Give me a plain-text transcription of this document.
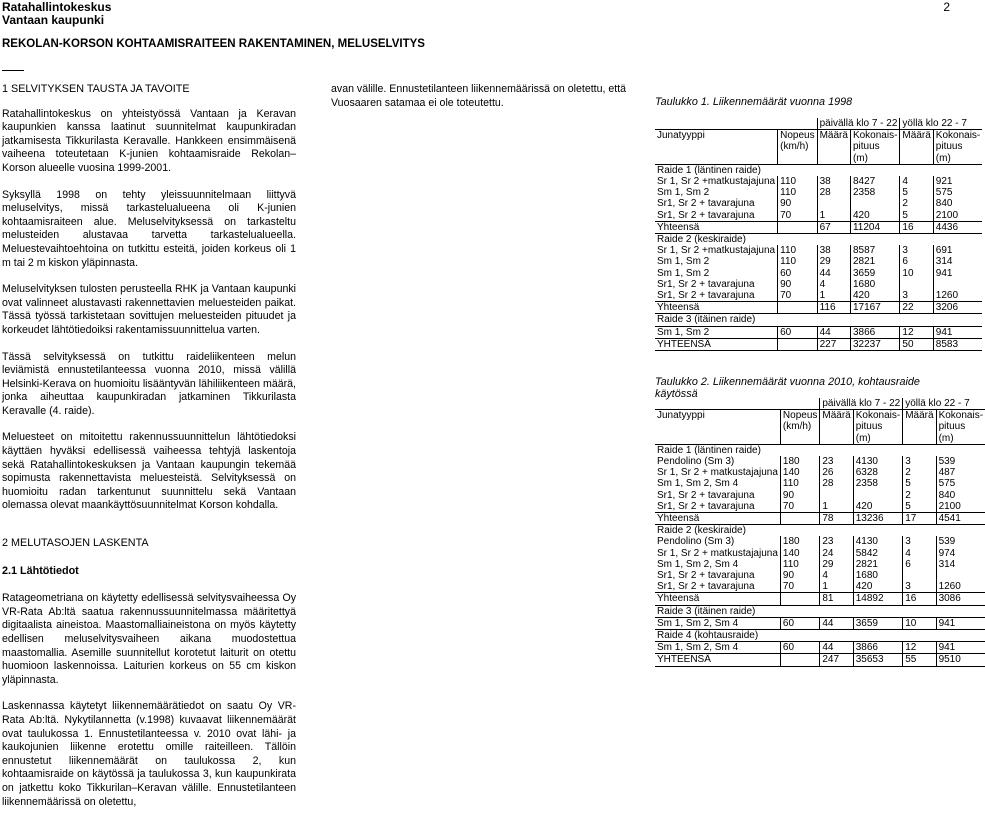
Ratahallintokeskus
Vantaan kaupunki
REKOLAN-KORSON KOHTAAMISRAITEEN RAKENTAMINEN, MELUSELVITYS
2
1 SELVITYKSEN TAUSTA JA TAVOITE

Ratahallintokeskus on yhteistyössä Vantaan ja Keravan kaupunkien kanssa laatinut suunnitelmat kaupunkiradan jatkamisesta Tikkurilasta Keravalle. Hankkeen ensimmäisenä vaiheena toteutetaan K-junien kohtaamisraide Rekolan–Korson alueelle vuosina 1999-2001.

Syksyllä 1998 on tehty yleissuunnitelmaan liittyvä meluselvitys, missä tarkastelualueena oli K-junien kohtaamisraiteen alue. Meluselvityksessä on tarkasteltu melusteiden alustavaa tarvetta tarkastelualueella. Meluestevaihtoehtoina on tutkittu esteitä, joiden korkeus oli 1 m tai 2 m kiskon yläpinnasta.

Meluselvityksen tulosten perusteella RHK ja Vantaan kaupunki ovat valinneet alustavasti rakennettavien meluesteiden paikat. Tässä työssä tarkistetaan sovittujen meluesteiden pituudet ja korkeudet lähtötiedoiksi rakentamissuunnittelua varten.

Tässä selvityksessä on tutkittu raideliikenteen melun leviämistä ennustetilanteessa vuonna 2010, missä välillä Helsinki-Kerava on huomioitu lisääntyvän lähiliikenteen määrä, jonka aiheuttaa kaupunkiradan jatkaminen Tikkurilasta Keravalle (4. raide).

Meluesteet on mitoitettu rakennussuunnittelun lähtötiedoksi käyttäen hyväksi edellisessä vaiheessa tehtyjä laskentoja sekä Ratahallintokeskuksen ja Vantaan kaupungin tekemää sopimusta rakennettavista meluesteistä. Selvityksessä on huomioitu radan tarkentunut suunnittelu sekä Vantaan olemassa olevat maankäyttösuunnitelmat Korson kohdalla.

2 MELUTASOJEN LASKENTA
2.1 Lähtötiedot

Ratageometriana on käytetty edellisessä selvitysvaiheessa Oy VR-Rata Ab:ltä saatua rakennussuunnitelmassa määritettyä digitaalista aineistoa. Maastomalliaineistona on myös käytetty edellisen meluselvitysvaiheen aikana muodostettua maastomallia. Asemille suunnitellut korotetut laiturit on otettu huomioon laskennoissa. Laiturien korkeus on 55 cm kiskon yläpinnasta.

Laskennassa käytetyt liikennemäärätiedot on saatu Oy VR-Rata Ab:ltä. Nykytilannetta (v.1998) kuvaavat liikennemäärät ovat taulukossa 1. Ennustetilanteessa v. 2010 ovat lähi- ja kaukojunien liikenne erotettu omille raiteilleen. Tällöin ennustetut liikennemäärät on taulukossa 2, kun kohtaamisraide on käytössä ja taulukossa 3, kun kaupunkirata on jatkettu koko Tikkurilan–Keravan välille. Ennustetilanteen liikennemäärissä on oletettu,

avan välille. Ennustetilanteen liikennemäärissä on oletettu, että Vuosaaren satamaa ei ole toteutettu.	Taulukko 1. Liikennemäärät vuonna 1998
		päivällä klo 7 - 22		yöllä klo 22 - 7	
Junatyyppi	Nopeus	Määrä	Kokonais-	Määrä	Kokonais-
	(km/h)		pituus		pituus
			(m)		(m)
Raide 1 (läntinen raide)					
Sr 1, Sr 2 +matkustajajuna	110	38	8427	4	921
Sm 1, Sm 2	110	28	2358	5	575
Sr1, Sr 2 + tavarajuna	90			2	840
Sr1, Sr 2 + tavarajuna	70	1	420	5	2100
Yhteensä		67	11204	16	4436
Raide 2 (keskiraide)					
Sr 1, Sr 2 +matkustajajuna	110	38	8587	3	691
Sm 1, Sm 2	110	29	2821	6	314
Sm 1, Sm 2	60	44	3659	10	941
Sr1, Sr 2 + tavarajuna	90	4	1680		
Sr1, Sr 2 + tavarajuna	70	1	420	3	1260
Yhteensä		116	17167	22	3206
Raide 3 (itäinen raide)					
Sm 1, Sm 2	60	44	3866	12	941
YHTEENSÄ		227	32237	50	8583
Taulukko 2. Liikennemäärät vuonna 2010, kohtausraide käytössä
		päivällä klo 7 - 22		yöllä klo 22 - 7	
Junatyyppi	Nopeus	Määrä	Kokonais-	Määrä	Kokonais-
	(km/h)		pituus		pituus
			(m)		(m)
Raide 1 (läntinen raide)					
Pendolino (Sm 3)	180	23	4130	3	539
Sr 1, Sr 2 + matkustajajuna	140	26	6328	2	487
Sm 1, Sm 2, Sm 4	110	28	2358	5	575
Sr1, Sr 2 + tavarajuna	90			2	840
Sr1, Sr 2 + tavarajuna	70	1	420	5	2100
Yhteensä		78	13236	17	4541
Raide 2 (keskiraide)					
Pendolino (Sm 3)	180	23	4130	3	539
Sr 1, Sr 2 + matkustajajuna	140	24	5842	4	974
Sm 1, Sm 2, Sm 4	110	29	2821	6	314
Sr1, Sr 2 + tavarajuna	90	4	1680		
Sr1, Sr 2 + tavarajuna	70	1	420	3	1260
Yhteensä		81	14892	16	3086
Raide 3 (itäinen raide)					
Sm 1, Sm 2, Sm 4	60	44	3659	10	941
Raide 4 (kohtausraide)					
Sm 1, Sm 2, Sm 4	60	44	3866	12	941
YHTEENSÄ		247	35653	55	9510
